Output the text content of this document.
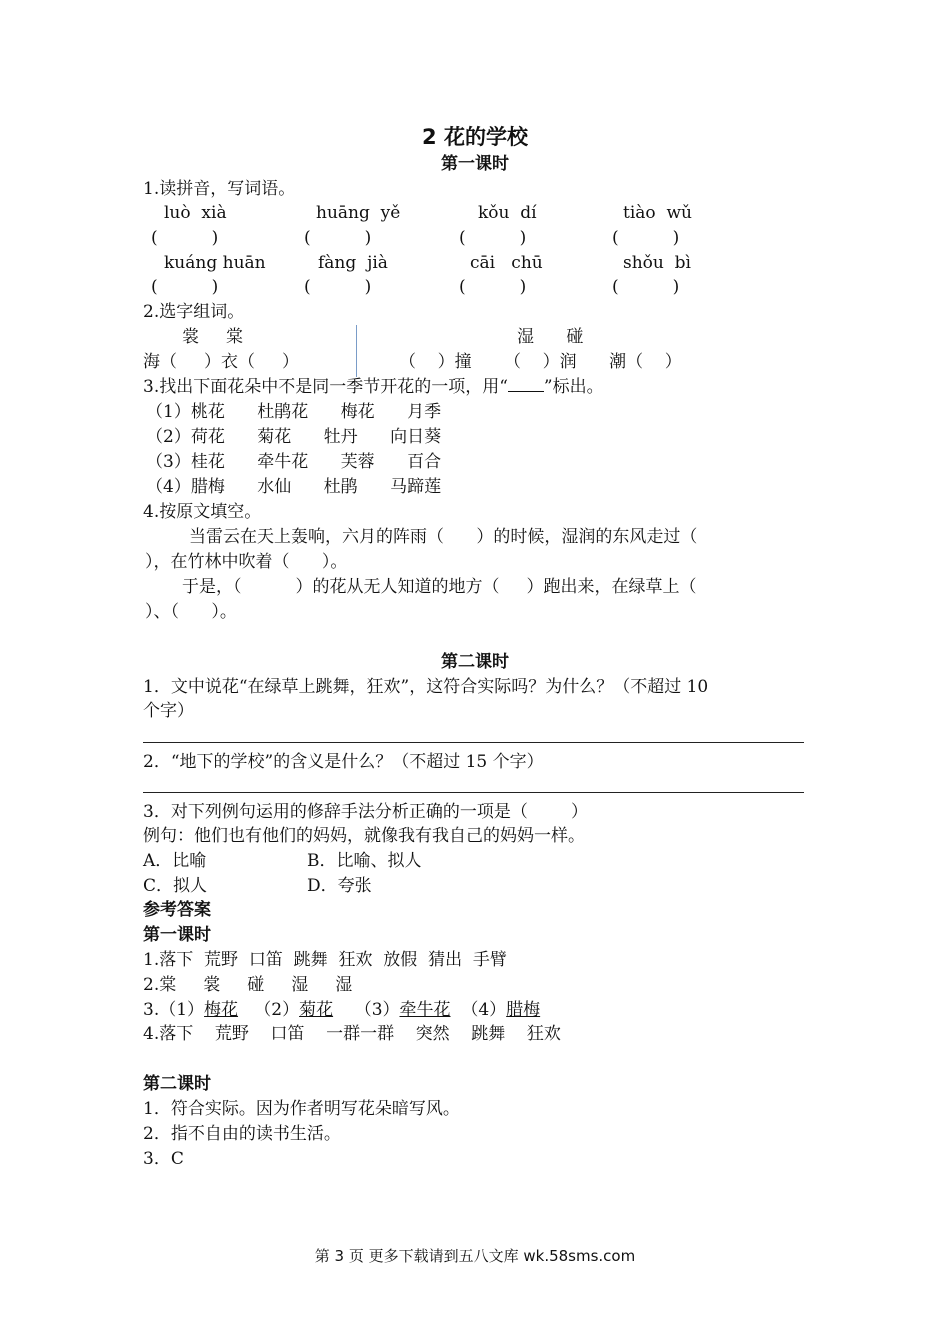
2 花的学校
第一课时
1.读拼音，写词语。
luò  xià	huāng  yě	kǒu  dí	tiào  wǔ
(          )	(          )	(          )	(          )
kuáng huān	fàng  jià	cāi   chū	shǒu  bì
(          )	(          )	(          )	(          )
2.选字组词。
裳     棠	湿      碰
海（     ）衣（     ）	（    ）撞      （    ）润      潮（    ）
3.找出下面花朵中不是同一季节开花的一项，用“ ”标出。
（1）桃花      杜鹃花      梅花      月季
（2）荷花      菊花      牡丹      向日葵
（3）桂花      牵牛花      芙蓉      百合
（4）腊梅      水仙      杜鹃      马蹄莲
4.按原文填空。
当雷云在天上轰响，六月的阵雨（      ）的时候，湿润的东风走过（
），在竹林中吹着（      ）。
于是，（          ）的花从无人知道的地方（     ）跑出来，在绿草上（
）、（      ）。
第二课时
1．文中说花“在绿草上跳舞，狂欢”，这符合实际吗？为什么？（不超过 10
个字）
2．“地下的学校”的含义是什么？（不超过 15 个字）
3．对下列例句运用的修辞手法分析正确的一项是（        ）
例句：他们也有他们的妈妈，就像我有我自己的妈妈一样。
A．比喻	B．比喻、拟人
C．拟人	D．夸张
参考答案
第一课时
1.落下  荒野  口笛  跳舞  狂欢  放假  猜出  手臂
2.棠     裳     碰     湿     湿
3.（1）梅花   （2）菊花    （3）牵牛花  （4）腊梅
4.落下    荒野    口笛    一群一群    突然    跳舞    狂欢
第二课时
1．符合实际。因为作者明写花朵暗写风。
2．指不自由的读书生活。
3．C
第 3 页 更多下载请到五八文库 wk.58sms.com
